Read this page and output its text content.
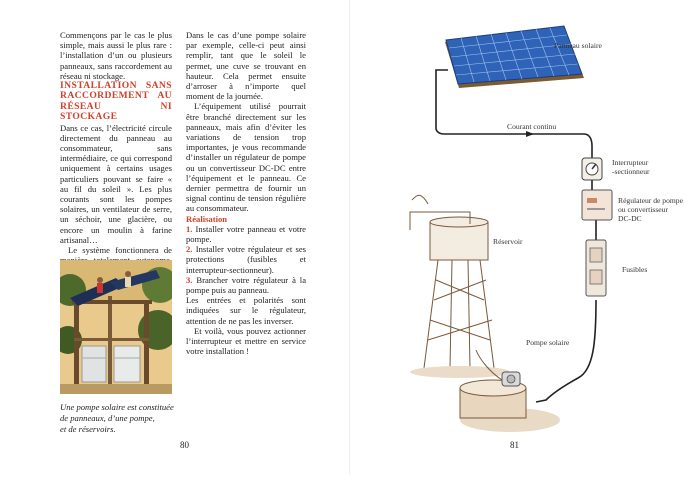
Commençons par le cas le plus simple, mais aussi le plus rare : l’installation d’un ou plusieurs panneaux, sans raccordement au réseau ni stockage.

INSTALLATION SANS RACCORDEMENT AU RÉSEAU NI STOCKAGE

Dans ce cas, l’électricité circule directement du panneau au consommateur, sans intermédiaire, ce qui correspond uniquement à certains usages particuliers pouvant se faire « au fil du soleil ». Les plus courants sont les pompes solaires, un ventilateur de serre, un séchoir, une glacière, ou encore un moulin à farine artisanal…

Le système fonctionnera de

Une pompe solaire est constituée
de panneaux, d’une pompe,
et de réservoirs.

Dans le cas d’une pompe solaire par exemple, celle-ci peut ainsi remplir, tant que le soleil le permet, une cuve se trouvant en hauteur. Cela permet ensuite d’arroser à n’importe quel moment de la journée.

L’équipement utilisé pourrait être branché directement sur les panneaux, mais afin d’éviter les variations de tension trop importantes, je vous recommande d’installer un régulateur de pompe ou un convertisseur DC-DC entre l’équipement et le panneau. Ce dernier permettra de fournir un signal continu de tension régulière au consommateur.

Réalisation

1. Installer votre panneau et votre pompe.

2. Installer votre régulateur et ses protections (fusibles et interrupteur-sectionneur).

3. Brancher votre régulateur à la pompe puis au panneau.

Les entrées et polarités sont indiquées sur le régulateur, attention de ne pas les inverser.

Et voilà, vous pouvez actionner l’interrupteur et mettre en service votre installation !

80
Panneau solaire
Courant continu
Interrupteur
-sectionneur
Régulateur de pompe
ou convertisseur
DC-DC
Fusibles
Réservoir
Pompe solaire
81
